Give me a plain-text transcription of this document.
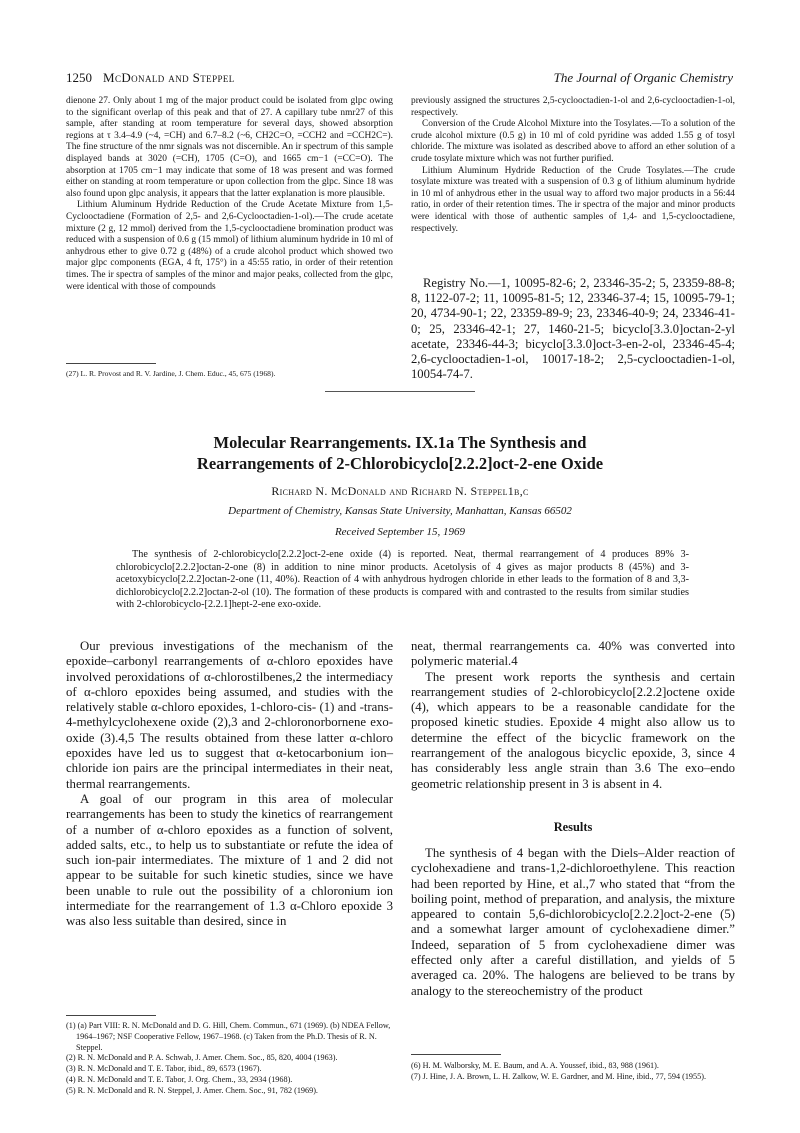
1250 McDonald and Steppel	The Journal of Organic Chemistry

dienone 27. Only about 1 mg of the major product could be isolated from glpc owing to the significant overlap of this peak and that of 27. A capillary tube nmr27 of this sample, after standing at room temperature for several days, showed absorption regions at τ 3.4–4.9 (~4, =CH) and 6.7–8.2 (~6, CH2C=O, =CCH2 and =CCH2C=). The fine structure of the nmr signals was not discernible. An ir spectrum of this sample displayed bands at 3020 (=CH), 1705 (C=O), and 1665 cm−1 (=CC=O). The absorption at 1705 cm−1 may indicate that some of 18 was present and was formed either on standing at room temperature or upon collection from the glpc. Since 18 was also found upon glpc analysis, it appears that the latter explanation is more plausible.

Lithium Aluminum Hydride Reduction of the Crude Acetate Mixture from 1,5-Cyclooctadiene (Formation of 2,5- and 2,6-Cyclooctadien-1-ol).—The crude acetate mixture (2 g, 12 mmol) derived from the 1,5-cyclooctadiene bromination product was reduced with a suspension of 0.6 g (15 mmol) of lithium aluminum hydride in 10 ml of anhydrous ether to give 0.72 g (48%) of a crude alcohol product which showed two major glpc components (EGA, 4 ft, 175°) in a 45:55 ratio, in order of their retention times. The ir spectra of samples of the minor and major peaks, collected from the glpc, were identical with those of compounds

(27) L. R. Provost and R. V. Jardine, J. Chem. Educ., 45, 675 (1968).

previously assigned the structures 2,5-cyclooctadien-1-ol and 2,6-cyclooctadien-1-ol, respectively.

Conversion of the Crude Alcohol Mixture into the Tosylates.—To a solution of the crude alcohol mixture (0.5 g) in 10 ml of cold pyridine was added 1.55 g of tosyl chloride. The mixture was isolated as described above to afford an ether solution of a crude tosylate mixture which was not further purified.

Lithium Aluminum Hydride Reduction of the Crude Tosylates.—The crude tosylate mixture was treated with a suspension of 0.3 g of lithium aluminum hydride in 10 ml of anhydrous ether in the usual way to afford two major products in a 56:44 ratio, in order of their retention times. The ir spectra of the major and minor products were identical with those of authentic samples of 1,4- and 1,5-cyclooctadiene, respectively.

Registry No.—1, 10095-82-6; 2, 23346-35-2; 5, 23359-88-8; 8, 1122-07-2; 11, 10095-81-5; 12, 23346-37-4; 15, 10095-79-1; 20, 4734-90-1; 22, 23359-89-9; 23, 23346-40-9; 24, 23346-41-0; 25, 23346-42-1; 27, 1460-21-5; bicyclo[3.3.0]octan-2-yl acetate, 23346-44-3; bicyclo[3.3.0]oct-3-en-2-ol, 23346-45-4; 2,6-cyclooctadien-1-ol, 10017-18-2; 2,5-cyclooctadien-1-ol, 10054-74-7.
Molecular Rearrangements. IX.1a The Synthesis and
Rearrangements of 2-Chlorobicyclo[2.2.2]oct-2-ene Oxide
Richard N. McDonald and Richard N. Steppel1b,c
Department of Chemistry, Kansas State University, Manhattan, Kansas 66502
Received September 15, 1969

The synthesis of 2-chlorobicyclo[2.2.2]oct-2-ene oxide (4) is reported. Neat, thermal rearrangement of 4 produces 89% 3-chlorobicyclo[2.2.2]octan-2-one (8) in addition to nine minor products. Acetolysis of 4 gives as major products 8 (45%) and 3-acetoxybicyclo[2.2.2]octan-2-one (11, 40%). Reaction of 4 with anhydrous hydrogen chloride in ether leads to the formation of 8 and 3,3-dichlorobicyclo[2.2.2]octan-2-ol (10). The formation of these products is compared with and contrasted to the results from similar studies with 2-chlorobicyclo-[2.2.1]hept-2-ene exo-oxide.

Our previous investigations of the mechanism of the epoxide–carbonyl rearrangements of α-chloro epoxides have involved peroxidations of α-chlorostilbenes,2 the intermediacy of α-chloro epoxides being assumed, and studies with the relatively stable α-chloro epoxides, 1-chloro-cis- (1) and -trans-4-methylcyclohexene oxide (2),3 and 2-chloronorbornene exo-oxide (3).4,5 The results obtained from these latter α-chloro epoxides have led us to suggest that α-ketocarbonium ion–chloride ion pairs are the principal intermediates in their neat, thermal rearrangements.

A goal of our program in this area of molecular rearrangements has been to study the kinetics of rearrangement of a number of α-chloro epoxides as a function of solvent, added salts, etc., to help us to substantiate or refute the idea of such ion-pair intermediates. The mixture of 1 and 2 did not appear to be suitable for such kinetic studies, since we have been unable to rule out the possibility of a chloronium ion intermediate for the rearrangement of 1.3 α-Chloro epoxide 3 was also less suitable than desired, since in

(1) (a) Part VIII: R. N. McDonald and D. G. Hill, Chem. Commun., 671 (1969). (b) NDEA Fellow, 1964–1967; NSF Cooperative Fellow, 1967–1968. (c) Taken from the Ph.D. Thesis of R. N. Steppel.

(2) R. N. McDonald and P. A. Schwab, J. Amer. Chem. Soc., 85, 820, 4004 (1963).

(3) R. N. McDonald and T. E. Tabor, ibid., 89, 6573 (1967).

(4) R. N. McDonald and T. E. Tabor, J. Org. Chem., 33, 2934 (1968).

(5) R. N. McDonald and R. N. Steppel, J. Amer. Chem. Soc., 91, 782 (1969).

neat, thermal rearrangements ca. 40% was converted into polymeric material.4

The present work reports the synthesis and certain rearrangement studies of 2-chlorobicyclo[2.2.2]octene oxide (4), which appears to be a reasonable candidate for the proposed kinetic studies. Epoxide 4 might also allow us to determine the effect of the bicyclic framework on the rearrangement of the analogous bicyclic epoxide, 3, since 4 has considerably less angle strain than 3.6 The exo–endo geometric relationship present in 3 is absent in 4.

Results

The synthesis of 4 began with the Diels–Alder reaction of cyclohexadiene and trans-1,2-dichloroethylene. This reaction had been reported by Hine, et al.,7 who stated that “from the boiling point, method of preparation, and analysis, the mixture appeared to contain 5,6-dichlorobicyclo[2.2.2]oct-2-ene (5) and a somewhat larger amount of cyclohexadiene dimer.” Indeed, separation of 5 from cyclohexadiene dimer was effected only after a careful distillation, and yields of 5 averaged ca. 20%. The halogens are believed to be trans by analogy to the stereochemistry of the product

(6) H. M. Walborsky, M. E. Baum, and A. A. Youssef, ibid., 83, 988 (1961).

(7) J. Hine, J. A. Brown, L. H. Zalkow, W. E. Gardner, and M. Hine, ibid., 77, 594 (1955).
